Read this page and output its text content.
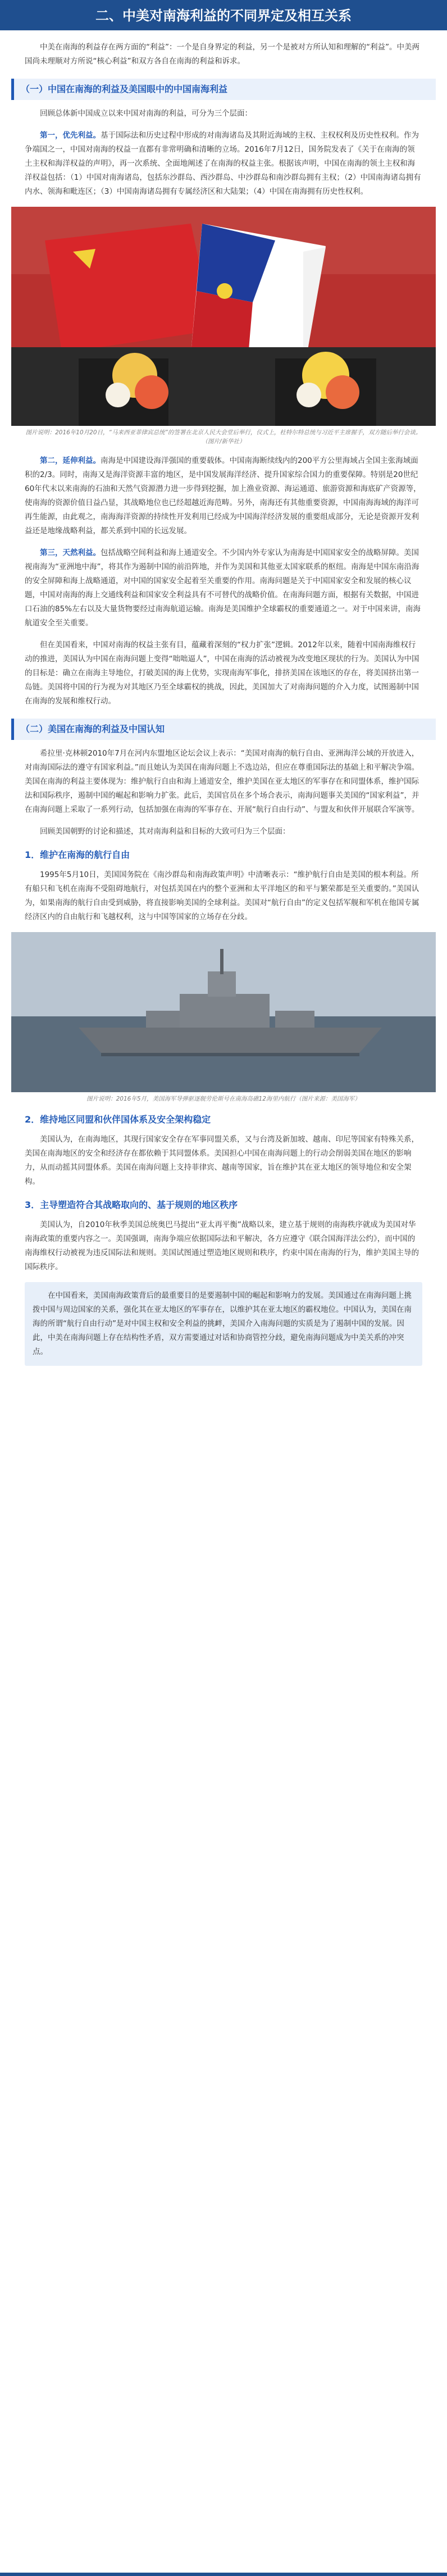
二、中美对南海利益的不同界定及相互关系

中美在南海的利益存在两方面的“利益”：一个是自身界定的利益，另一个是被对方所认知和理解的“利益”。中美两国尚未理顺对方所说“核心利益”和双方各自在南海的利益和诉求。

（一）中国在南海的利益及美国眼中的中国南海利益

回顾总体新中国成立以来中国对南海的利益，可分为三个层面：

第一，优先利益。基于国际法和历史过程中形成的对南海诸岛及其附近海域的主权、主权权利及历史性权利。作为争端国之一，中国对南海的权益一直都有非常明确和清晰的立场。2016年7月12日，国务院发表了《关于在南海的领土主权和海洋权益的声明》，再一次系统、全面地阐述了在南海的权益主张。根据该声明，中国在南海的领土主权和海洋权益包括：（1）中国对南海诸岛，包括东沙群岛、西沙群岛、中沙群岛和南沙群岛拥有主权；（2）中国南海诸岛拥有内水、领海和毗连区；（3）中国南海诸岛拥有专属经济区和大陆架；（4）中国在南海拥有历史性权利。

图片说明：2016年10月20日，“马来西亚菲律宾总统”的签署在北京人民大会堂后举行，仪式上，杜特尔特总统与习近平主席握手，双方随后举行会谈。（图片/新华社）

第二，延伸利益。南海是中国建设海洋强国的重要载体。中国南海断续线内的200平方公里海域占全国主张海域面积的2/3。同时，南海又是海洋资源丰富的地区，是中国发展海洋经济、提升国家综合国力的重要保障。特别是20世纪60年代末以来南海的石油和天然气资源潜力进一步得到挖掘，加上渔业资源、海运通道、旅游资源和海底矿产资源等，使南海的资源价值日益凸显，其战略地位也已经超越近海范畴。另外，南海还有其他重要资源，中国南海海域的海洋可再生能源，由此观之，南海海洋资源的持续性开发利用已经成为中国海洋经济发展的重要组成部分，无论是资源开发利益还是地缘战略利益，都关系到中国的长远发展。

第三，天然利益。包括战略空间利益和海上通道安全。不少国内外专家认为南海是中国国家安全的战略屏障。美国视南海为“亚洲地中海”，将其作为遏制中国的前沿阵地，并作为美国和其他亚太国家联系的枢纽。南海是中国东南沿海的安全屏障和海上战略通道，对中国的国家安全起着至关重要的作用。南海问题是关于中国国家安全和发展的核心议题，中国对南海的海上交通线利益和国家安全利益具有不可替代的战略价值。在南海问题方面，根据有关数据，中国进口石油的85%左右以及大量货物要经过南海航道运输。南海是美国维护全球霸权的重要通道之一。对于中国来讲，南海航道安全至关重要。

但在美国看来，中国对南海的权益主张有目，蕴藏着深刻的“权力扩张”逻辑。2012年以来，随着中国南海维权行动的推进，美国认为中国在南海问题上变得“咄咄逼人”，中国在南海的活动被视为改变地区现状的行为。美国认为中国的目标是：确立在南海主导地位，打破美国的海上优势，实现南海军事化，排挤美国在该地区的存在，将美国挤出第一岛链。美国将中国的行为视为对其地区乃至全球霸权的挑战，因此，美国加大了对南海问题的介入力度，试图遏制中国在南海的发展和维权行动。

（二）美国在南海的利益及中国认知

希拉里·克林顿2010年7月在河内东盟地区论坛会议上表示：“美国对南海的航行自由、亚洲海洋公域的开放进入，对南海国际法的遵守有国家利益。”而且她认为美国在南海问题上不选边站，但应在尊重国际法的基础上和平解决争端。美国在南海的利益主要体现为：维护航行自由和海上通道安全，维护美国在亚太地区的军事存在和同盟体系，维护国际法和国际秩序，遏制中国的崛起和影响力扩张。此后，美国官员在多个场合表示，南海问题事关美国的“国家利益”，并在南海问题上采取了一系列行动，包括加强在南海的军事存在、开展“航行自由行动”、与盟友和伙伴开展联合军演等。

回顾美国朝野的讨论和描述，其对南海利益和目标的大致可归为三个层面：

1．维护在南海的航行自由

1995年5月10日，美国国务院在《南沙群岛和南海政策声明》中清晰表示：“维护航行自由是美国的根本利益。所有船只和飞机在南海不受阻碍地航行，对包括美国在内的整个亚洲和太平洋地区的和平与繁荣都是至关重要的。”美国认为，如果南海的航行自由受到威胁，将直接影响美国的全球利益。美国对“航行自由”的定义包括军舰和军机在他国专属经济区内的自由航行和飞越权利，这与中国等国家的立场存在分歧。

图片说明：2016年5月，美国海军导弹驱逐舰劳伦斯号在南海岛礁12海里内航行（图片来源：美国海军）
2．维持地区同盟和伙伴国体系及安全架构稳定

美国认为，在南海地区，其现行国家安全存在军事同盟关系，又与台湾及新加坡、越南、印尼等国家有特殊关系，美国在南海地区的安全和经济存在都依赖于其同盟体系。美国担心中国在南海问题上的行动会削弱美国在地区的影响力，从而动摇其同盟体系。美国在南海问题上支持菲律宾、越南等国家，旨在维护其在亚太地区的领导地位和安全架构。

3．主导塑造符合其战略取向的、基于规则的地区秩序

美国认为，自2010年秋季美国总统奥巴马提出“亚太再平衡”战略以来，建立基于规则的南海秩序就成为美国对华南海政策的重要内容之一。美国强调，南海争端应依据国际法和平解决，各方应遵守《联合国海洋法公约》，而中国的南海维权行动被视为违反国际法和规则。美国试图通过塑造地区规则和秩序，约束中国在南海的行为，维护美国主导的国际秩序。

在中国看来，美国南海政策背后的最重要目的是要遏制中国的崛起和影响力的发展。美国通过在南海问题上挑拨中国与周边国家的关系，强化其在亚太地区的军事存在，以维护其在亚太地区的霸权地位。中国认为，美国在南海的所谓“航行自由行动”是对中国主权和安全利益的挑衅，美国介入南海问题的实质是为了遏制中国的发展。因此，中美在南海问题上存在结构性矛盾，双方需要通过对话和协商管控分歧，避免南海问题成为中美关系的冲突点。
